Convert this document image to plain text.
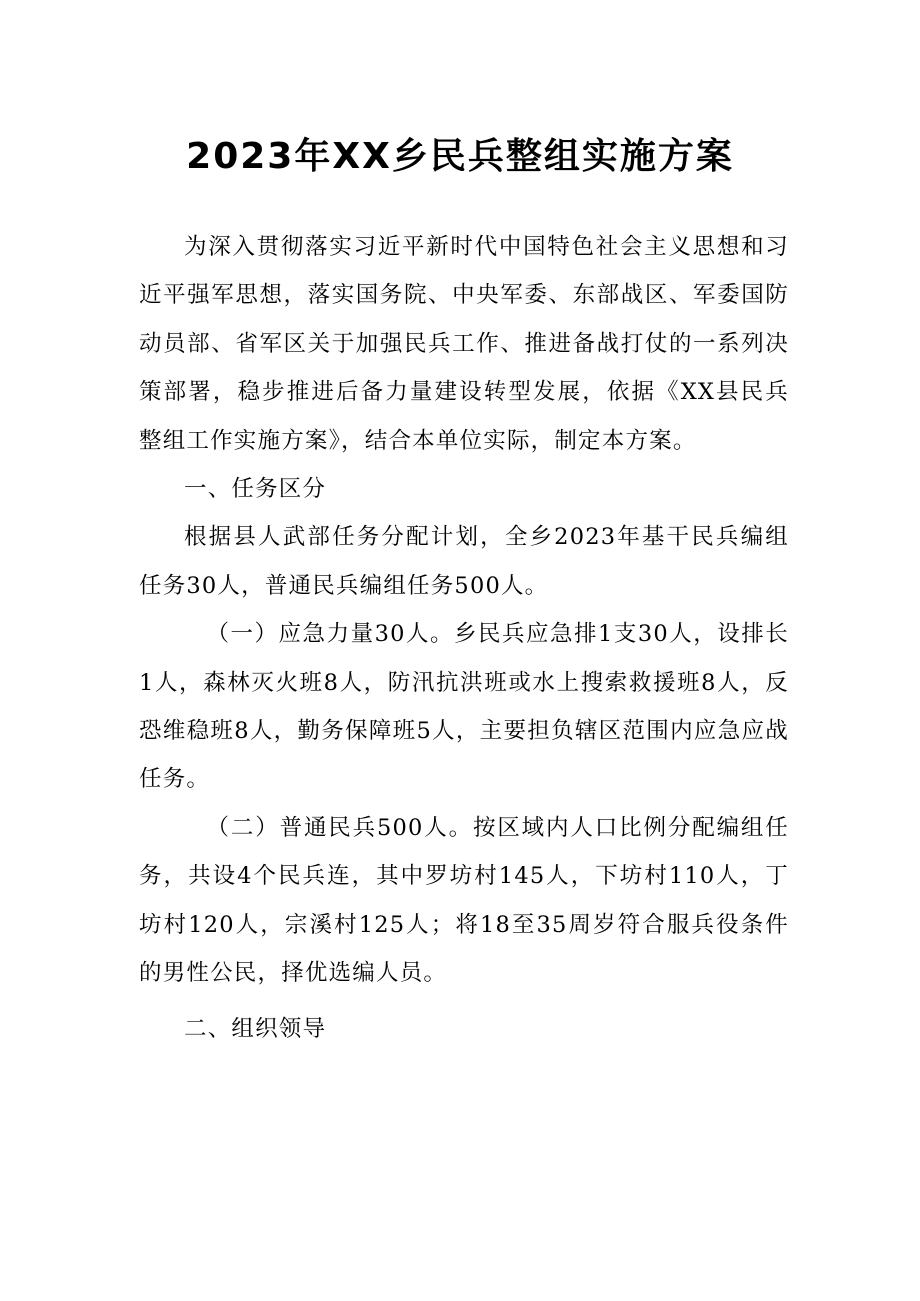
2023年XX乡民兵整组实施方案

为深入贯彻落实习近平新时代中国特色社会主义思想和习近平强军思想，落实国务院、中央军委、东部战区、军委国防动员部、省军区关于加强民兵工作、推进备战打仗的一系列决策部署，稳步推进后备力量建设转型发展，依据《XX县民兵整组工作实施方案》，结合本单位实际，制定本方案。

一、任务区分

根据县人武部任务分配计划，全乡2023年基干民兵编组任务30人，普通民兵编组任务500人。

（一）应急力量30人。乡民兵应急排1支30人，设排长1人，森林灭火班8人，防汛抗洪班或水上搜索救援班8人，反恐维稳班8人，勤务保障班5人，主要担负辖区范围内应急应战任务。

（二）普通民兵500人。按区域内人口比例分配编组任务，共设4个民兵连，其中罗坊村145人，下坊村110人，丁坊村120人，宗溪村125人；将18至35周岁符合服兵役条件的男性公民，择优选编人员。

二、组织领导
